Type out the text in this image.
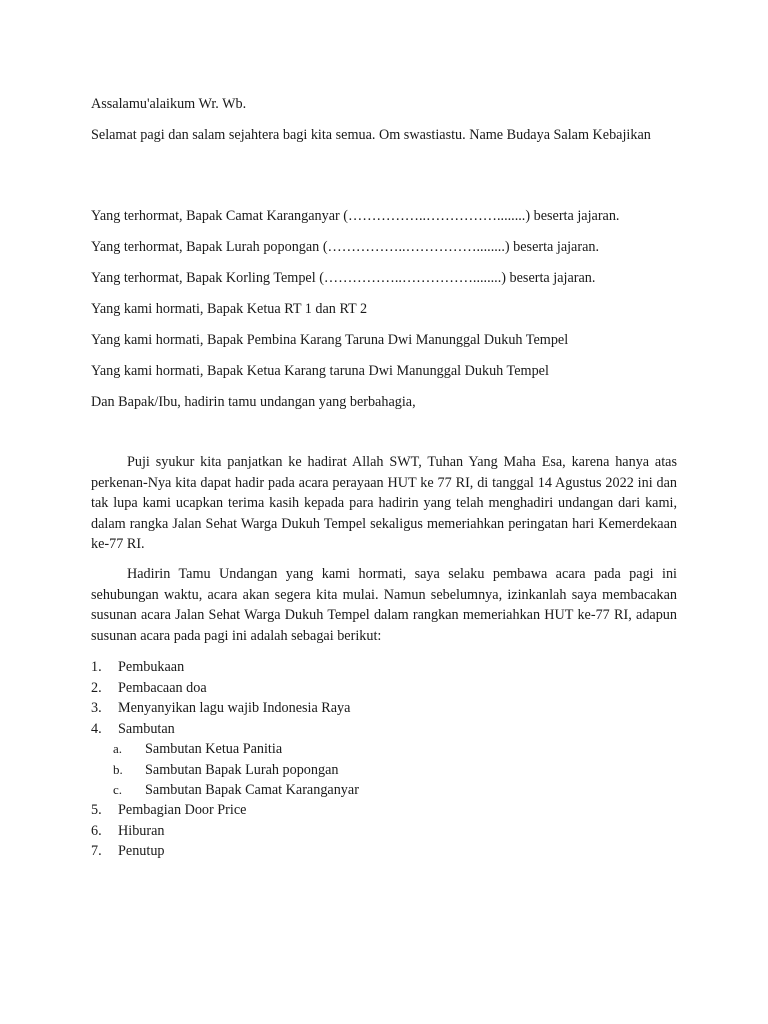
Assalamu'alaikum Wr. Wb.

Selamat pagi dan salam sejahtera bagi kita semua. Om swastiastu. Name Budaya Salam Kebajikan

Yang terhormat, Bapak Camat Karanganyar (……………..……………........) beserta jajaran.

Yang terhormat, Bapak Lurah popongan (……………..……………........) beserta jajaran.

Yang terhormat, Bapak Korling Tempel (……………..……………........) beserta jajaran.

Yang kami hormati, Bapak Ketua RT 1 dan RT 2

Yang kami hormati, Bapak Pembina Karang Taruna Dwi Manunggal Dukuh Tempel

Yang kami hormati, Bapak Ketua Karang taruna Dwi Manunggal Dukuh Tempel

Dan Bapak/Ibu, hadirin tamu undangan yang berbahagia,

Puji syukur kita panjatkan ke hadirat Allah SWT, Tuhan Yang Maha Esa, karena hanya atas perkenan-Nya kita dapat hadir pada acara perayaan HUT ke 77 RI, di tanggal 14 Agustus 2022 ini dan tak lupa kami ucapkan terima kasih kepada para hadirin yang telah menghadiri undangan dari kami, dalam rangka Jalan Sehat Warga Dukuh Tempel sekaligus memeriahkan peringatan hari Kemerdekaan ke-77 RI.

Hadirin Tamu Undangan yang kami hormati, saya selaku pembawa acara pada pagi ini sehubungan waktu, acara akan segera kita mulai. Namun sebelumnya, izinkanlah saya membacakan susunan acara Jalan Sehat Warga Dukuh Tempel dalam rangkan memeriahkan HUT ke-77 RI, adapun susunan acara pada pagi ini adalah sebagai berikut:

1.	Pembukaan
2.	Pembacaan doa
3.	Menyanyikan lagu wajib Indonesia Raya
4.	Sambutan
a.	Sambutan Ketua Panitia
b.	Sambutan Bapak Lurah popongan
c.	Sambutan Bapak Camat Karanganyar
5.	Pembagian Door Price
6.	Hiburan
7.	Penutup
